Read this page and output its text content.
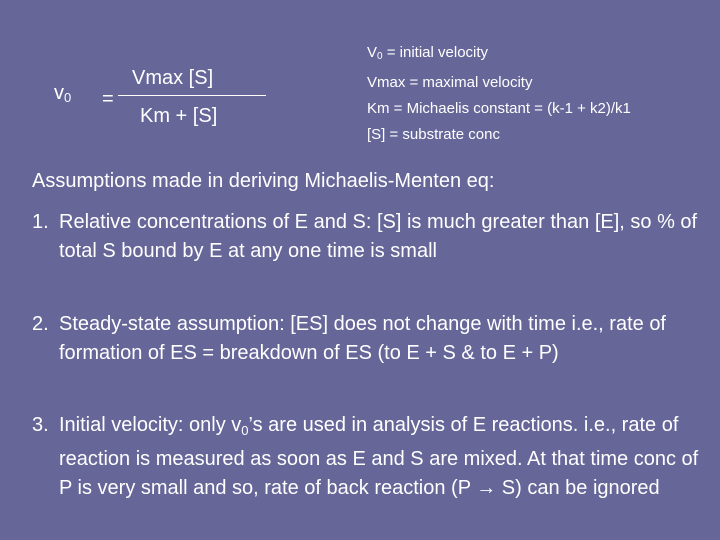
$v_0$ =
Vmax [S]
Km + [S]
$V_0$ = initial velocity
Vmax = maximal velocity
Km = Michaelis constant = (k-1 + k2)/k1
[S] = substrate conc
Assumptions made in deriving Michaelis-Menten eq:
1. Relative concentrations of E and S: [S] is much greater than [E], so % of total S bound by E at any one time is small
2. Steady-state assumption: [ES] does not change with time i.e., rate of formation of ES = breakdown of ES (to E + S & to E + P)
3. Initial velocity: only $v_0’s$ are used in analysis of E reactions. i.e., rate of reaction is measured as soon as E and S are mixed. At that time conc of P is very small and so, rate of back reaction (P → S) can be ignored
